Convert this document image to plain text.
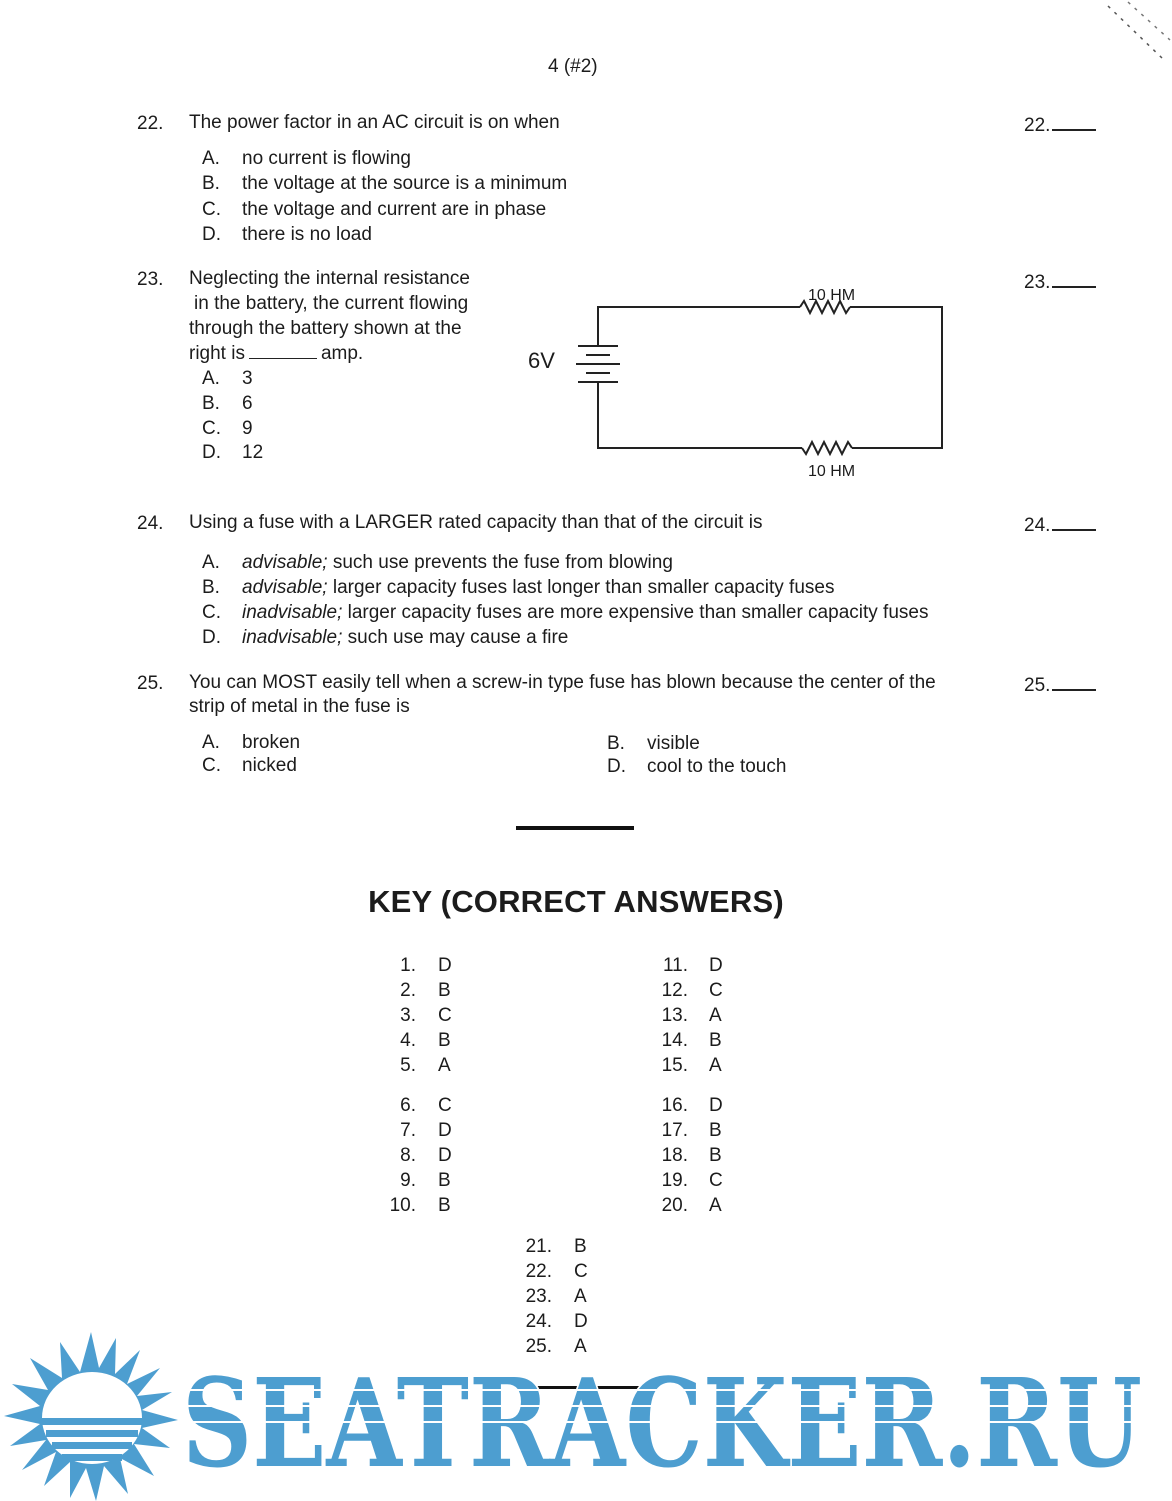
4 (#2)
22. The power factor in an AC circuit is on when	22.
A. no current is flowing
B. the voltage at the source is a minimum
C. the voltage and current are in phase
D. there is no load
23. Neglecting the internal resistance
in the battery, the current flowing
through the battery shown at the
right is	amp.
23.
A. 3
B. 6
C. 9
D. 12
6V
10 HM
10 HM
24. Using a fuse with a LARGER rated capacity than that of the circuit is	24.
A. advisable; such use prevents the fuse from blowing
B. advisable; larger capacity fuses last longer than smaller capacity fuses
C. inadvisable; larger capacity fuses are more expensive than smaller capacity fuses
D. inadvisable; such use may cause a fire
25. You can MOST easily tell when a screw-in type fuse has blown because the center of the
strip of metal in the fuse is
25.
A. broken	B. visible
C. nicked	D. cool to the touch
KEY (CORRECT ANSWERS)
1. D
2. B
3. C
4. B
5. A
6. C
7. D
8. D
9. B
10. B
11. D
12. C
13. A
14. B
15. A
16. D
17. B
18. B
19. C
20. A
21. B
22. C
23. A
24. D
25. A
SEATRACKER.RU
